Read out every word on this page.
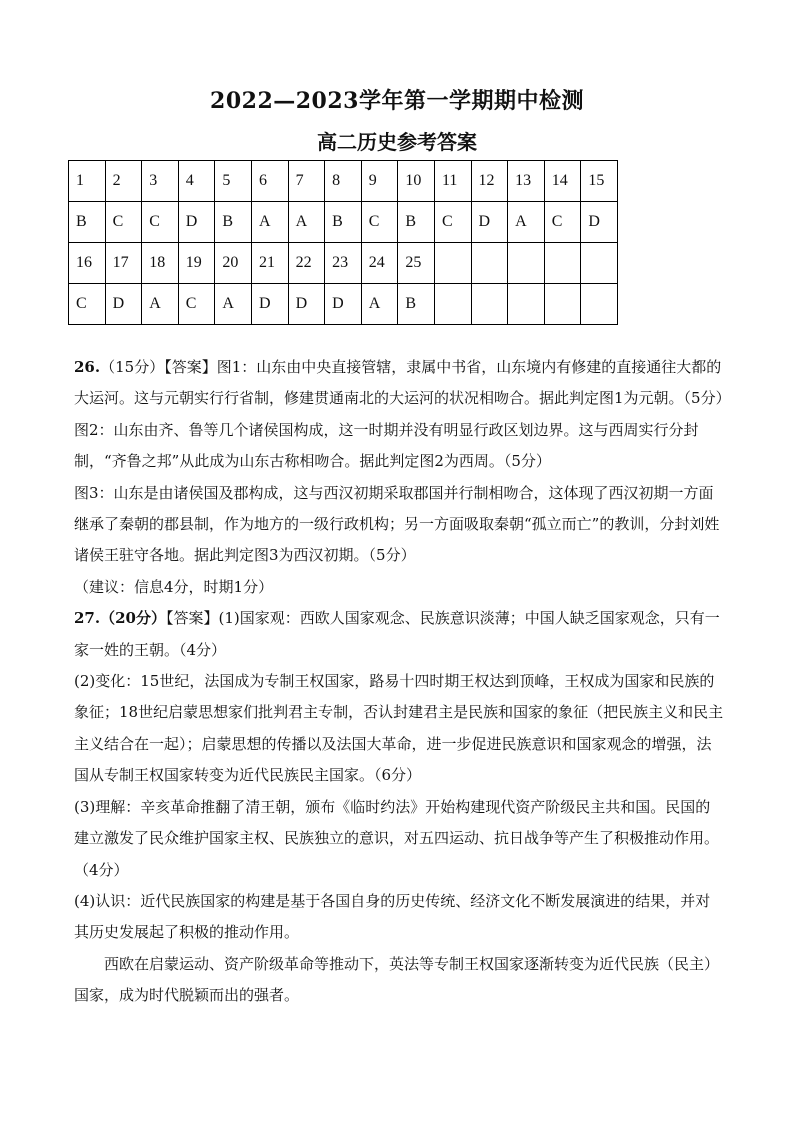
2022—2023学年第一学期期中检测
高二历史参考答案
1	2	3	4	5	6	7	8	9	10	11	12	13	14	15
B	C	C	D	B	A	A	B	C	B	C	D	A	C	D
16	17	18	19	20	21	22	23	24	25					
C	D	A	C	A	D	D	D	A	B					

26.（15分）【答案】图1：山东由中央直接管辖，隶属中书省，山东境内有修建的直接通往大都的大运河。这与元朝实行行省制，修建贯通南北的大运河的状况相吻合。据此判定图1为元朝。（5分）

图2：山东由齐、鲁等几个诸侯国构成，这一时期并没有明显行政区划边界。这与西周实行分封制，“齐鲁之邦”从此成为山东古称相吻合。据此判定图2为西周。（5分）

图3：山东是由诸侯国及郡构成，这与西汉初期采取郡国并行制相吻合，这体现了西汉初期一方面继承了秦朝的郡县制，作为地方的一级行政机构；另一方面吸取秦朝“孤立而亡”的教训，分封刘姓诸侯王驻守各地。据此判定图3为西汉初期。（5分）

（建议：信息4分，时期1分）

27.（20分）【答案】(1)国家观：西欧人国家观念、民族意识淡薄；中国人缺乏国家观念，只有一家一姓的王朝。（4分）

(2)变化：15世纪，法国成为专制王权国家，路易十四时期王权达到顶峰，王权成为国家和民族的象征；18世纪启蒙思想家们批判君主专制，否认封建君主是民族和国家的象征（把民族主义和民主主义结合在一起）；启蒙思想的传播以及法国大革命，进一步促进民族意识和国家观念的增强，法国从专制王权国家转变为近代民族民主国家。（6分）

(3)理解：辛亥革命推翻了清王朝，颁布《临时约法》开始构建现代资产阶级民主共和国。民国的建立激发了民众维护国家主权、民族独立的意识，对五四运动、抗日战争等产生了积极推动作用。（4分）

(4)认识：近代民族国家的构建是基于各国自身的历史传统、经济文化不断发展演进的结果，并对其历史发展起了积极的推动作用。

西欧在启蒙运动、资产阶级革命等推动下，英法等专制王权国家逐渐转变为近代民族（民主）国家，成为时代脱颖而出的强者。
